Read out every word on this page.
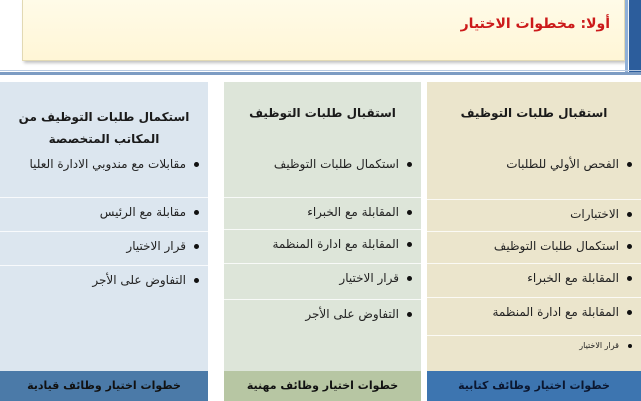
أولا: مخطوات الاختيار
استقبال طلبات التوظيف
الفحص الأولي للطلبات
الاختبارات
استكمال طلبات التوظيف
المقابلة مع الخبراء
المقابلة مع ادارة المنظمة
قرار الاختيار
خطوات اختيار وظائف كتابية
استقبال طلبات التوظيف
استكمال طلبات التوظيف
المقابلة مع الخبراء
المقابلة مع ادارة المنظمة
قرار الاختيار
التفاوض على الأجر
خطوات اختيار وظائف مهنية
استكمال طلبات التوظيف من المكاتب المتخصصة
مقابلات مع مندوبي الادارة العليا
مقابلة مع الرئيس
قرار الاختيار
التفاوض على الأجر
خطوات اختيار وظائف قيادية
